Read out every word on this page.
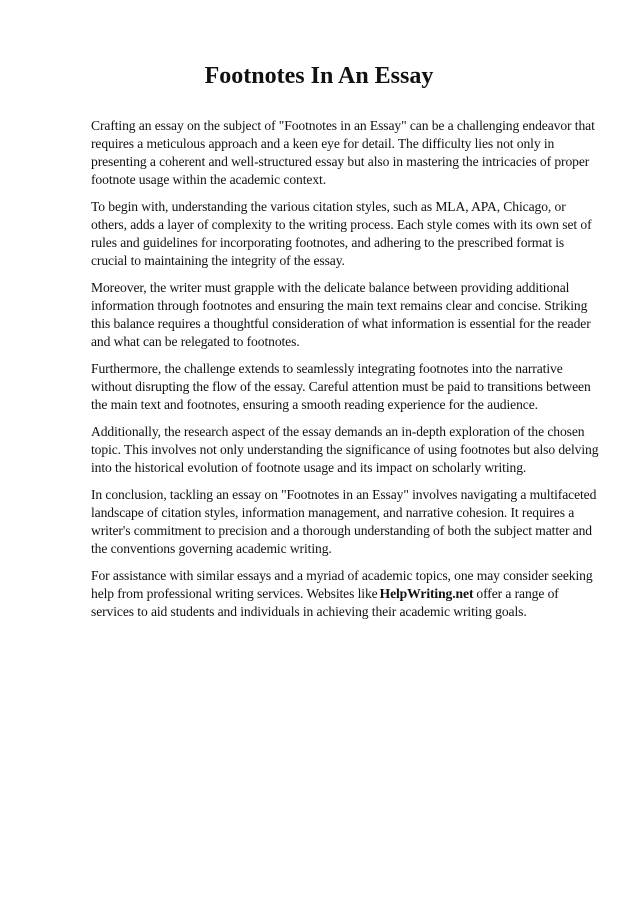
Footnotes In An Essay

Crafting an essay on the subject of "Footnotes in an Essay" can be a challenging endeavor that requires a meticulous approach and a keen eye for detail. The difficulty lies not only in presenting a coherent and well-structured essay but also in mastering the intricacies of proper footnote usage within the academic context.

To begin with, understanding the various citation styles, such as MLA, APA, Chicago, or others, adds a layer of complexity to the writing process. Each style comes with its own set of rules and guidelines for incorporating footnotes, and adhering to the prescribed format is crucial to maintaining the integrity of the essay.

Moreover, the writer must grapple with the delicate balance between providing additional information through footnotes and ensuring the main text remains clear and concise. Striking this balance requires a thoughtful consideration of what information is essential for the reader and what can be relegated to footnotes.

Furthermore, the challenge extends to seamlessly integrating footnotes into the narrative without disrupting the flow of the essay. Careful attention must be paid to transitions between the main text and footnotes, ensuring a smooth reading experience for the audience.

Additionally, the research aspect of the essay demands an in-depth exploration of the chosen topic. This involves not only understanding the significance of using footnotes but also delving into the historical evolution of footnote usage and its impact on scholarly writing.

In conclusion, tackling an essay on "Footnotes in an Essay" involves navigating a multifaceted landscape of citation styles, information management, and narrative cohesion. It requires a writer's commitment to precision and a thorough understanding of both the subject matter and the conventions governing academic writing.

For assistance with similar essays and a myriad of academic topics, one may consider seeking help from professional writing services. Websites like HelpWriting.net offer a range of services to aid students and individuals in achieving their academic writing goals.
